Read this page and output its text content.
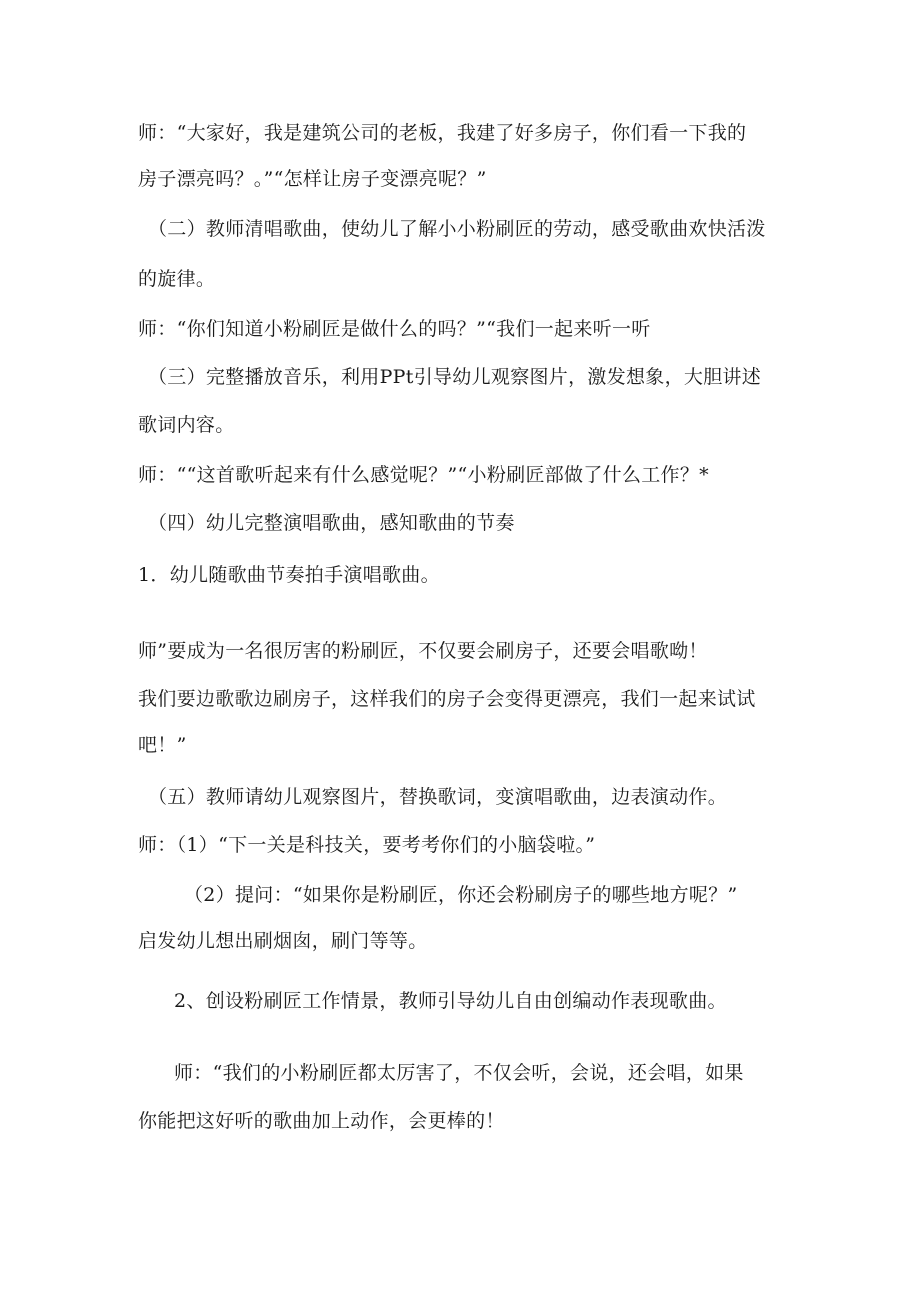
师：“大家好，我是建筑公司的老板，我建了好多房子，你们看一下我的
房子漂亮吗？。”“怎样让房子变漂亮呢？”
（二）教师清唱歌曲，使幼儿了解小小粉刷匠的劳动，感受歌曲欢快活泼
的旋律。
师：“你们知道小粉刷匠是做什么的吗？”“我们一起来听一听
（三）完整播放音乐，利用PPt引导幼儿观察图片，激发想象，大胆讲述
歌词内容。
师：““这首歌听起来有什么感觉呢？”“小粉刷匠部做了什么工作？*
（四）幼儿完整演唱歌曲，感知歌曲的节奏
1．幼儿随歌曲节奏拍手演唱歌曲。
师”要成为一名很厉害的粉刷匠，不仅要会刷房子，还要会唱歌呦！
我们要边歌歌边刷房子，这样我们的房子会变得更漂亮，我们一起来试试
吧！”
（五）教师请幼儿观察图片，替换歌词，变演唱歌曲，边表演动作。
师：（1）“下一关是科技关，要考考你们的小脑袋啦。”
（2）提问：“如果你是粉刷匠，你还会粉刷房子的哪些地方呢？”
启发幼儿想出刷烟囱，刷门等等。
2、创设粉刷匠工作情景，教师引导幼儿自由创编动作表现歌曲。
师：“我们的小粉刷匠都太厉害了，不仅会听，会说，还会唱，如果
你能把这好听的歌曲加上动作，会更棒的！
